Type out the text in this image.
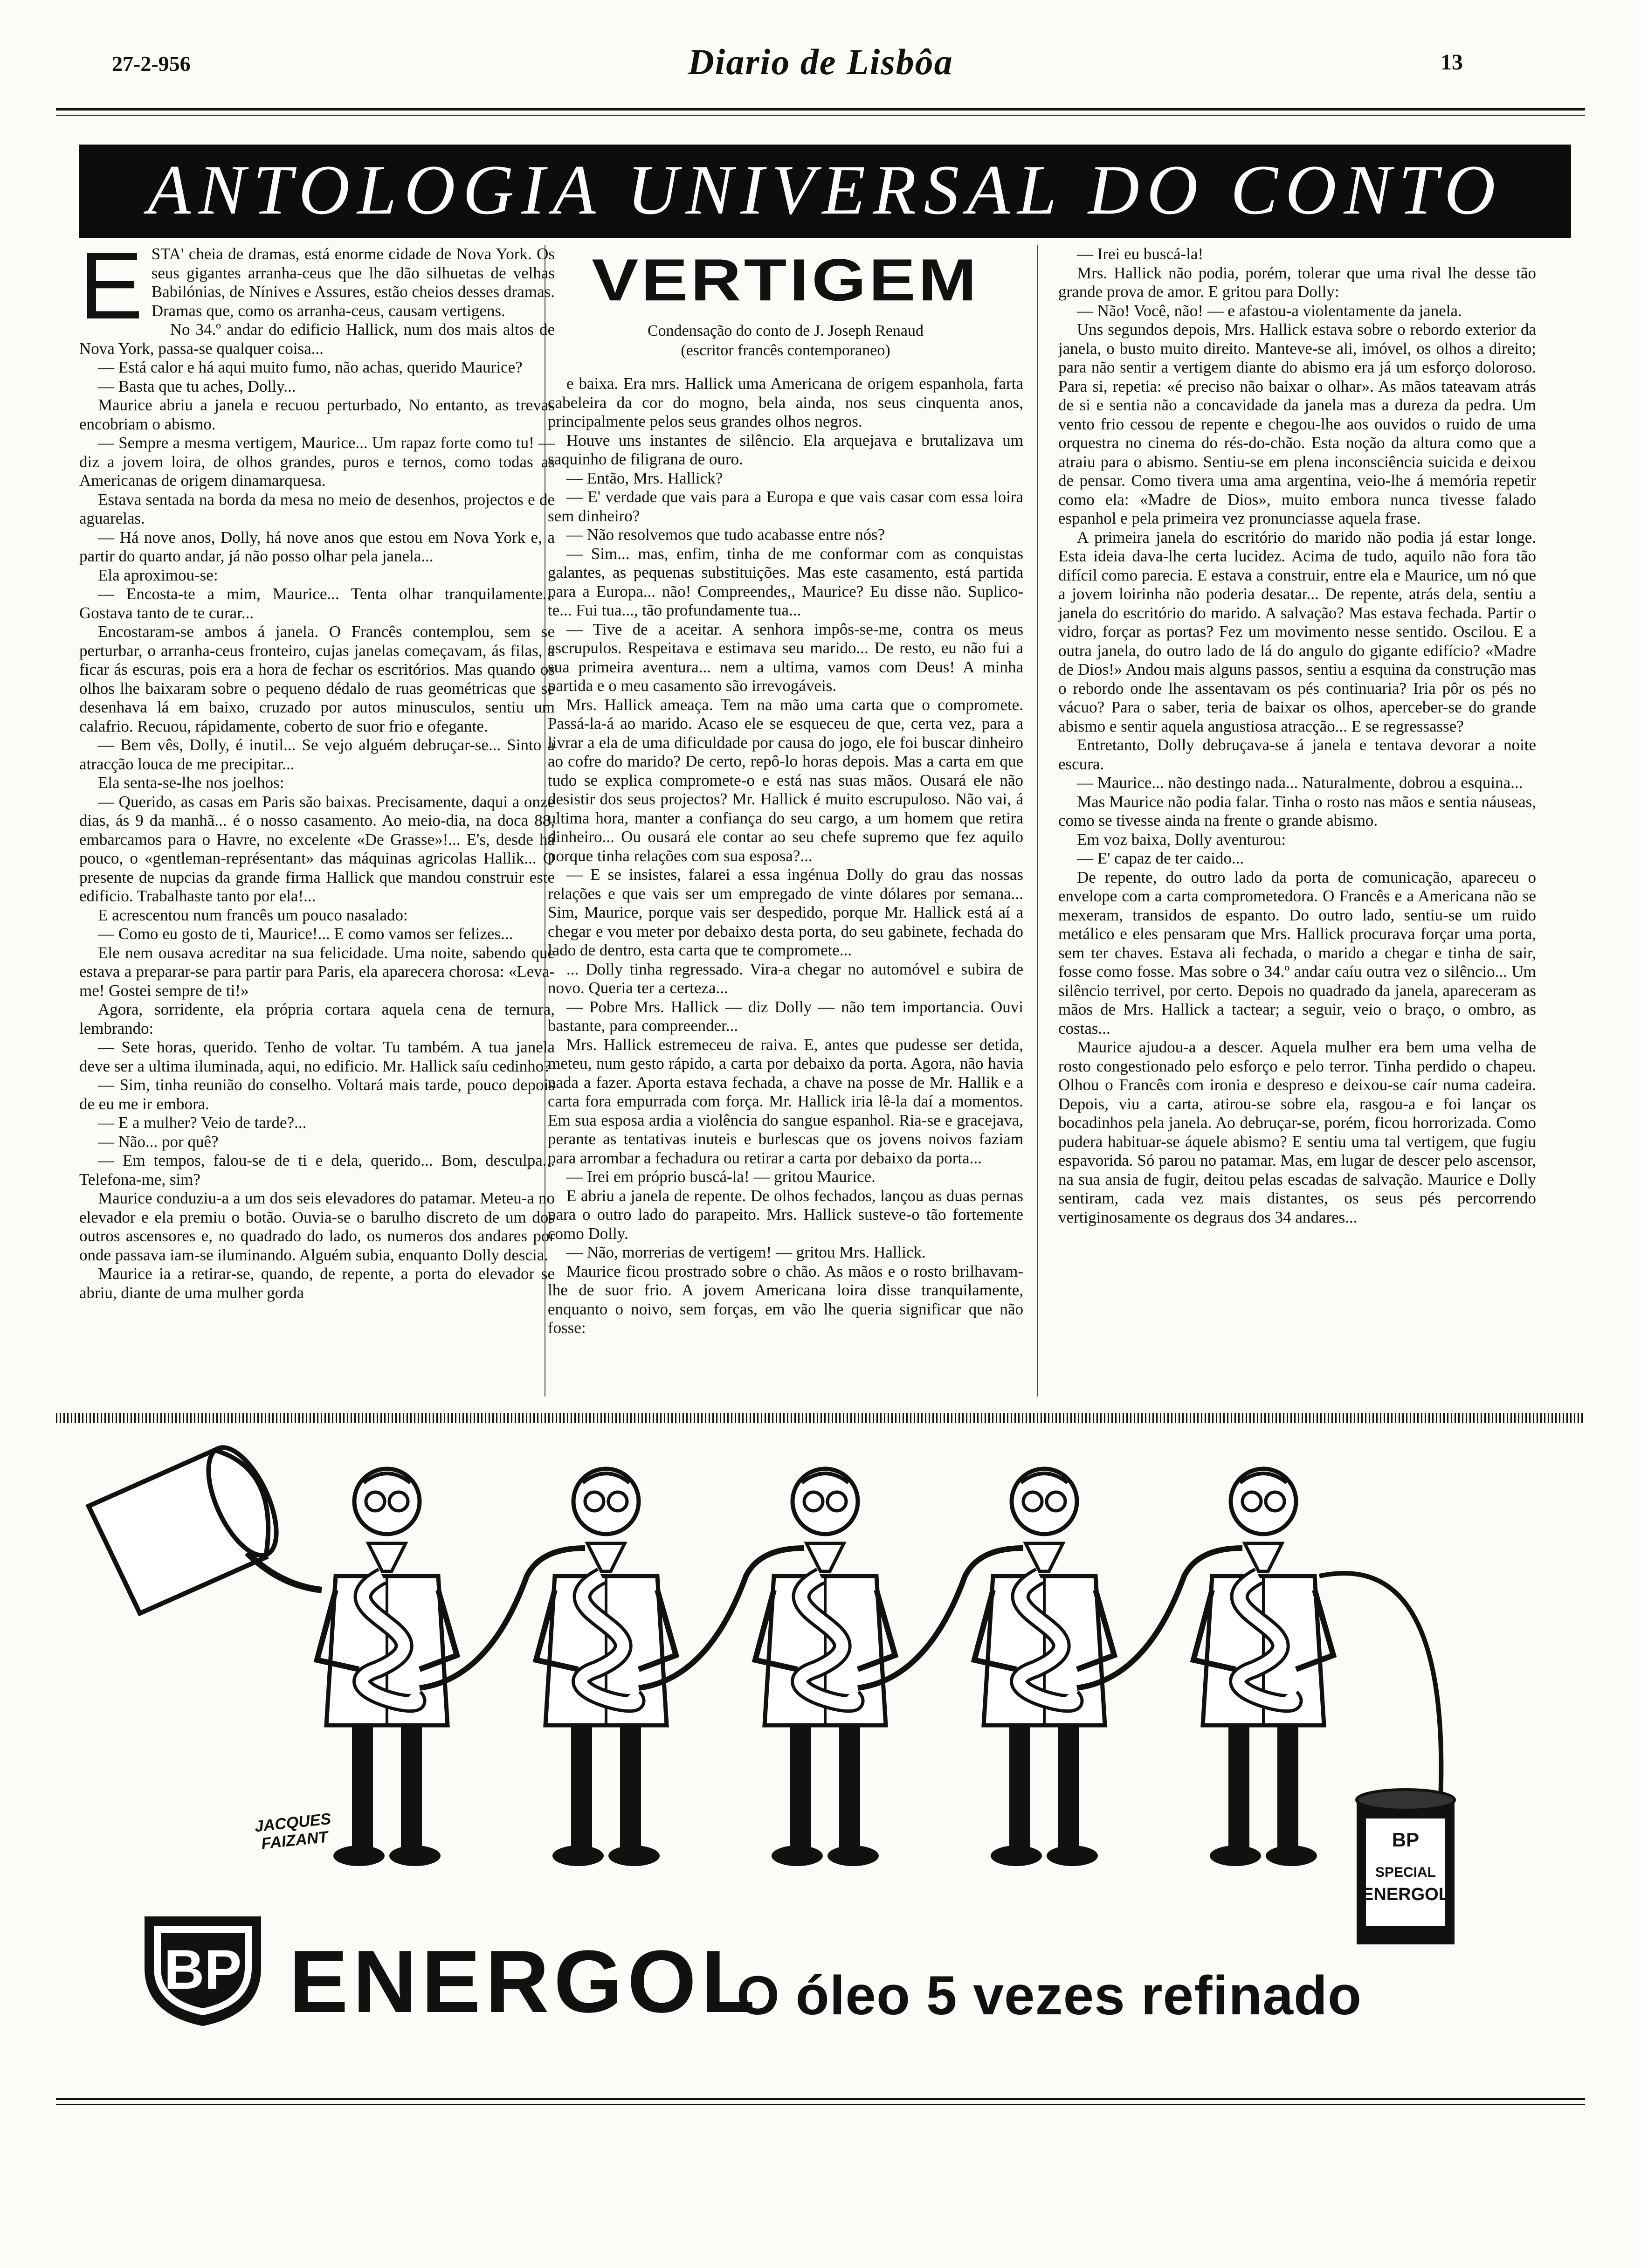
27-2-956	Diario de Lisbôa	13
ANTOLOGIA UNIVERSAL DO CONTO
E STA' cheia de dramas, está enorme cidade de Nova York. Os seus gigantes arranha-ceus que lhe dão silhuetas de velhas Babilónias, de Nínives e Assures, estão cheios desses dramas. Dramas que, como os arranha-ceus, causam vertigens.

No 34.º andar do edificio Hallick, num dos mais altos de Nova York, passa-se qualquer coisa...

— Está calor e há aqui muito fumo, não achas, querido Maurice?

— Basta que tu aches, Dolly...

Maurice abriu a janela e recuou perturbado, No entanto, as trevas encobriam o abismo.

— Sempre a mesma vertigem, Maurice... Um rapaz forte como tu! — diz a jovem loira, de olhos grandes, puros e ternos, como todas as Americanas de origem dinamarquesa.

Estava sentada na borda da mesa no meio de desenhos, projectos e de aguarelas.

— Há nove anos, Dolly, há nove anos que estou em Nova York e, a partir do quarto andar, já não posso olhar pela janela...

Ela aproximou-se:

— Encosta-te a mim, Maurice... Tenta olhar tranquilamente... Gostava tanto de te curar...

Encostaram-se ambos á janela. O Francês contemplou, sem se perturbar, o arranha-ceus fronteiro, cujas janelas começavam, ás filas, a ficar ás escuras, pois era a hora de fechar os escritórios. Mas quando os olhos lhe baixaram sobre o pequeno dédalo de ruas geométricas que se desenhava lá em baixo, cruzado por autos minusculos, sentiu um calafrio. Recuou, rápidamente, coberto de suor frio e ofegante.

— Bem vês, Dolly, é inutil... Se vejo alguém debruçar-se... Sinto a atracção louca de me precipitar...

Ela senta-se-lhe nos joelhos:

— Querido, as casas em Paris são baixas. Precisamente, daqui a onze dias, ás 9 da manhã... é o nosso casamento. Ao meio-dia, na doca 88, embarcamos para o Havre, no excelente «De Grasse»!... E's, desde há pouco, o «gentleman-représentant» das máquinas agricolas Hallik... O presente de nupcias da grande firma Hallick que mandou construir este edificio. Trabalhaste tanto por ela!...

E acrescentou num francês um pouco nasalado:

— Como eu gosto de ti, Maurice!... E como vamos ser felizes...

Ele nem ousava acreditar na sua felicidade. Uma noite, sabendo que estava a preparar-se para partir para Paris, ela aparecera chorosa: «Leva-me! Gostei sempre de ti!»

Agora, sorridente, ela própria cortara aquela cena de ternura, lembrando:

— Sete horas, querido. Tenho de voltar. Tu também. A tua janela deve ser a ultima iluminada, aqui, no edificio. Mr. Hallick saíu cedinho?

— Sim, tinha reunião do conselho. Voltará mais tarde, pouco depois de eu me ir embora.

— E a mulher? Veio de tarde?...

— Não... por quê?

— Em tempos, falou-se de ti e dela, querido... Bom, desculpa... Telefona-me, sim?

Maurice conduziu-a a um dos seis elevadores do patamar. Meteu-a no elevador e ela premiu o botão. Ouvia-se o barulho discreto de um dos outros ascensores e, no quadrado do lado, os numeros dos andares por onde passava iam-se iluminando. Alguém subia, enquanto Dolly descia.

Maurice ia a retirar-se, quando, de repente, a porta do elevador se abriu, diante de uma mulher gorda

VERTIGEM

Condensação do conto de J. Joseph Renaud

(escritor francês contemporaneo)

e baixa. Era mrs. Hallick uma Americana de origem espanhola, farta cabeleira da cor do mogno, bela ainda, nos seus cinquenta anos, principalmente pelos seus grandes olhos negros.

Houve uns instantes de silêncio. Ela arquejava e brutalizava um saquinho de filigrana de ouro.

— Então, Mrs. Hallick?

— E' verdade que vais para a Europa e que vais casar com essa loira sem dinheiro?

— Não resolvemos que tudo acabasse entre nós?

— Sim... mas, enfim, tinha de me conformar com as conquistas galantes, as pequenas substituições. Mas este casamento, está partida para a Europa... não! Compreendes,, Maurice? Eu disse não. Suplico-te... Fui tua..., tão profundamente tua...

— Tive de a aceitar. A senhora impôs-se-me, contra os meus escrupulos. Respeitava e estimava seu marido... De resto, eu não fui a sua primeira aventura... nem a ultima, vamos com Deus! A minha partida e o meu casamento são irrevogáveis.

Mrs. Hallick ameaça. Tem na mão uma carta que o compromete. Passá-la-á ao marido. Acaso ele se esqueceu de que, certa vez, para a livrar a ela de uma dificuldade por causa do jogo, ele foi buscar dinheiro ao cofre do marido? De certo, repô-lo horas depois. Mas a carta em que tudo se explica compromete-o e está nas suas mãos. Ousará ele não desistir dos seus projectos? Mr. Hallick é muito escrupuloso. Não vai, á ultima hora, manter a confiança do seu cargo, a um homem que retira dinheiro... Ou ousará ele contar ao seu chefe supremo que fez aquilo porque tinha relações com sua esposa?...

— E se insistes, falarei a essa ingénua Dolly do grau das nossas relações e que vais ser um empregado de vinte dólares por semana... Sim, Maurice, porque vais ser despedido, porque Mr. Hallick está aí a chegar e vou meter por debaixo desta porta, do seu gabinete, fechada do lado de dentro, esta carta que te compromete...

... Dolly tinha regressado. Vira-a chegar no automóvel e subira de novo. Queria ter a certeza...

— Pobre Mrs. Hallick — diz Dolly — não tem importancia. Ouvi bastante, para compreender...

Mrs. Hallick estremeceu de raiva. E, antes que pudesse ser detida, meteu, num gesto rápido, a carta por debaixo da porta. Agora, não havia nada a fazer. Aporta estava fechada, a chave na posse de Mr. Hallik e a carta fora empurrada com força. Mr. Hallick iria lê-la daí a momentos. Em sua esposa ardia a violência do sangue espanhol. Ria-se e gracejava, perante as tentativas inuteis e burlescas que os jovens noivos faziam para arrombar a fechadura ou retirar a carta por debaixo da porta...

— Irei em próprio buscá-la! — gritou Maurice.

E abriu a janela de repente. De olhos fechados, lançou as duas pernas para o outro lado do parapeito. Mrs. Hallick susteve-o tão fortemente como Dolly.

— Não, morrerias de vertigem! — gritou Mrs. Hallick.

Maurice ficou prostrado sobre o chão. As mãos e o rosto brilhavam-lhe de suor frio. A jovem Americana loira disse tranquilamente, enquanto o noivo, sem forças, em vão lhe queria significar que não fosse:

— Irei eu buscá-la!

Mrs. Hallick não podia, porém, tolerar que uma rival lhe desse tão grande prova de amor. E gritou para Dolly:

— Não! Você, não! — e afastou-a violentamente da janela.

Uns segundos depois, Mrs. Hallick estava sobre o rebordo exterior da janela, o busto muito direito. Manteve-se ali, imóvel, os olhos a direito; para não sentir a vertigem diante do abismo era já um esforço doloroso. Para si, repetia: «é preciso não baixar o olhar». As mãos tateavam atrás de si e sentia não a concavidade da janela mas a dureza da pedra. Um vento frio cessou de repente e chegou-lhe aos ouvidos o ruido de uma orquestra no cinema do rés-do-chão. Esta noção da altura como que a atraiu para o abismo. Sentiu-se em plena inconsciência suicida e deixou de pensar. Como tivera uma ama argentina, veio-lhe á memória repetir como ela: «Madre de Dios», muito embora nunca tivesse falado espanhol e pela primeira vez pronunciasse aquela frase.

A primeira janela do escritório do marido não podia já estar longe. Esta ideia dava-lhe certa lucidez. Acima de tudo, aquilo não fora tão difícil como parecia. E estava a construir, entre ela e Maurice, um nó que a jovem loirinha não poderia desatar... De repente, atrás dela, sentiu a janela do escritório do marido. A salvação? Mas estava fechada. Partir o vidro, forçar as portas? Fez um movimento nesse sentido. Oscilou. E a outra janela, do outro lado de lá do angulo do gigante edifício? «Madre de Dios!» Andou mais alguns passos, sentiu a esquina da construção mas o rebordo onde lhe assentavam os pés continuaria? Iria pôr os pés no vácuo? Para o saber, teria de baixar os olhos, aperceber-se do grande abismo e sentir aquela angustiosa atracção... E se regressasse?

Entretanto, Dolly debruçava-se á janela e tentava devorar a noite escura.

— Maurice... não destingo nada... Naturalmente, dobrou a esquina...

Mas Maurice não podia falar. Tinha o rosto nas mãos e sentia náuseas, como se tivesse ainda na frente o grande abismo.

Em voz baixa, Dolly aventurou:

— E' capaz de ter caido...

De repente, do outro lado da porta de comunicação, apareceu o envelope com a carta comprometedora. O Francês e a Americana não se mexeram, transidos de espanto. Do outro lado, sentiu-se um ruido metálico e eles pensaram que Mrs. Hallick procurava forçar uma porta, sem ter chaves. Estava ali fechada, o marido a chegar e tinha de sair, fosse como fosse. Mas sobre o 34.º andar caíu outra vez o silêncio... Um silêncio terrivel, por certo. Depois no quadrado da janela, apareceram as mãos de Mrs. Hallick a tactear; a seguir, veio o braço, o ombro, as costas...

Maurice ajudou-a a descer. Aquela mulher era bem uma velha de rosto congestionado pelo esforço e pelo terror. Tinha perdido o chapeu. Olhou o Francês com ironia e despreso e deixou-se caír numa cadeira. Depois, viu a carta, atirou-se sobre ela, rasgou-a e foi lançar os bocadinhos pela janela. Ao debruçar-se, porém, ficou horrorizada. Como pudera habituar-se áquele abismo? E sentiu uma tal vertigem, que fugiu espavorida. Só parou no patamar. Mas, em lugar de descer pelo ascensor, na sua ansia de fugir, deitou pelas escadas de salvação. Maurice e Dolly sentiram, cada vez mais distantes, os seus pés percorrendo vertiginosamente os degraus dos 34 andares...

BP
SPECIAL
ENERGOL
JACQUES FAIZANT
BP ENERGOL
O óleo 5 vezes refinado
